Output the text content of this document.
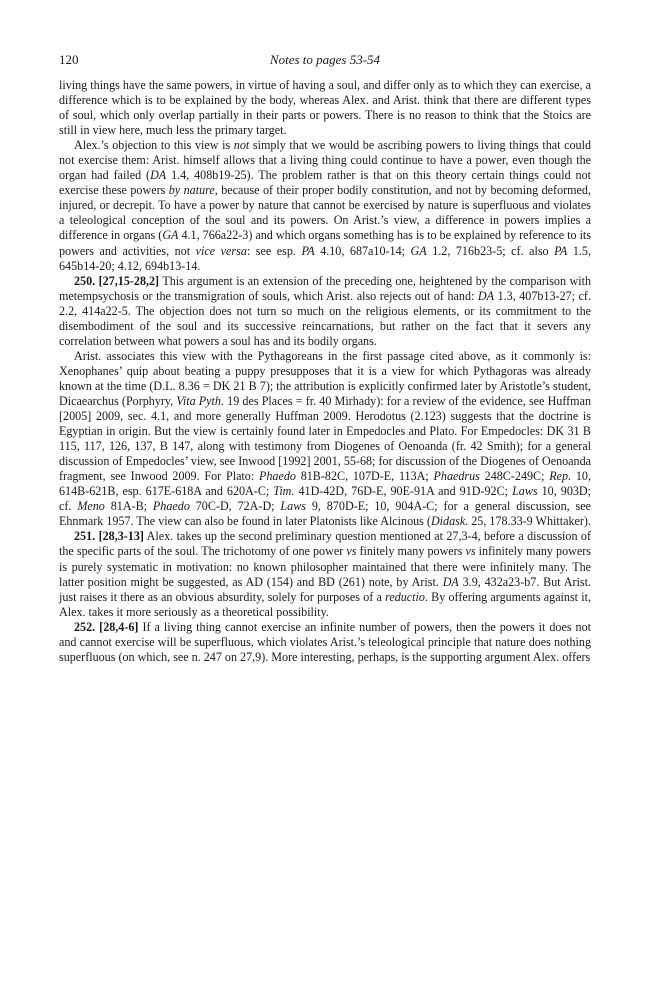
120	Notes to pages 53-54

living things have the same powers, in virtue of having a soul, and differ only as to which they can exercise, a difference which is to be explained by the body, whereas Alex. and Arist. think that there are different types of soul, which only overlap partially in their parts or powers. There is no reason to think that the Stoics are still in view here, much less the primary target.

Alex.’s objection to this view is not simply that we would be ascribing powers to living things that could not exercise them: Arist. himself allows that a living thing could continue to have a power, even though the organ had failed (DA 1.4, 408b19-25). The problem rather is that on this theory certain things could not exercise these powers by nature, because of their proper bodily constitution, and not by becoming deformed, injured, or decrepit. To have a power by nature that cannot be exercised by nature is superfluous and violates a teleological conception of the soul and its powers. On Arist.’s view, a difference in powers implies a difference in organs (GA 4.1, 766a22-3) and which organs something has is to be explained by reference to its powers and activities, not vice versa: see esp. PA 4.10, 687a10-14; GA 1.2, 716b23-5; cf. also PA 1.5, 645b14-20; 4.12, 694b13-14.

250. [27,15-28,2] This argument is an extension of the preceding one, heightened by the comparison with metempsychosis or the transmigration of souls, which Arist. also rejects out of hand: DA 1.3, 407b13-27; cf. 2.2, 414a22-5. The objection does not turn so much on the religious elements, or its commitment to the disembodiment of the soul and its successive reincarnations, but rather on the fact that it severs any correlation between what powers a soul has and its bodily organs.

Arist. associates this view with the Pythagoreans in the first passage cited above, as it commonly is: Xenophanes’ quip about beating a puppy presupposes that it is a view for which Pythagoras was already known at the time (D.L. 8.36 = DK 21 B 7); the attribution is explicitly confirmed later by Aristotle’s student, Dicaearchus (Porphyry, Vita Pyth. 19 des Places = fr. 40 Mirhady): for a review of the evidence, see Huffman [2005] 2009, sec. 4.1, and more generally Huffman 2009. Herodotus (2.123) suggests that the doctrine is Egyptian in origin. But the view is certainly found later in Empedocles and Plato. For Empedocles: DK 31 B 115, 117, 126, 137, B 147, along with testimony from Diogenes of Oenoanda (fr. 42 Smith); for a general discussion of Empedocles’ view, see Inwood [1992] 2001, 55-68; for discussion of the Diogenes of Oenoanda fragment, see Inwood 2009. For Plato: Phaedo 81B-82C, 107D-E, 113A; Phaedrus 248C-249C; Rep. 10, 614B-621B, esp. 617E-618A and 620A-C; Tim. 41D-42D, 76D-E, 90E-91A and 91D-92C; Laws 10, 903D; cf. Meno 81A-B; Phaedo 70C-D, 72A-D; Laws 9, 870D-E; 10, 904A-C; for a general discussion, see Ehnmark 1957. The view can also be found in later Platonists like Alcinous (Didask. 25, 178.33-9 Whittaker).

251. [28,3-13] Alex. takes up the second preliminary question mentioned at 27,3-4, before a discussion of the specific parts of the soul. The trichotomy of one power vs finitely many powers vs infinitely many powers is purely systematic in motivation: no known philosopher maintained that there were infinitely many. The latter position might be suggested, as AD (154) and BD (261) note, by Arist. DA 3.9, 432a23-b7. But Arist. just raises it there as an obvious absurdity, solely for purposes of a reductio. By offering arguments against it, Alex. takes it more seriously as a theoretical possibility.

252. [28,4-6] If a living thing cannot exercise an infinite number of powers, then the powers it does not and cannot exercise will be superfluous, which violates Arist.’s teleological principle that nature does nothing superfluous (on which, see n. 247 on 27,9). More interesting, perhaps, is the supporting argument Alex. offers
